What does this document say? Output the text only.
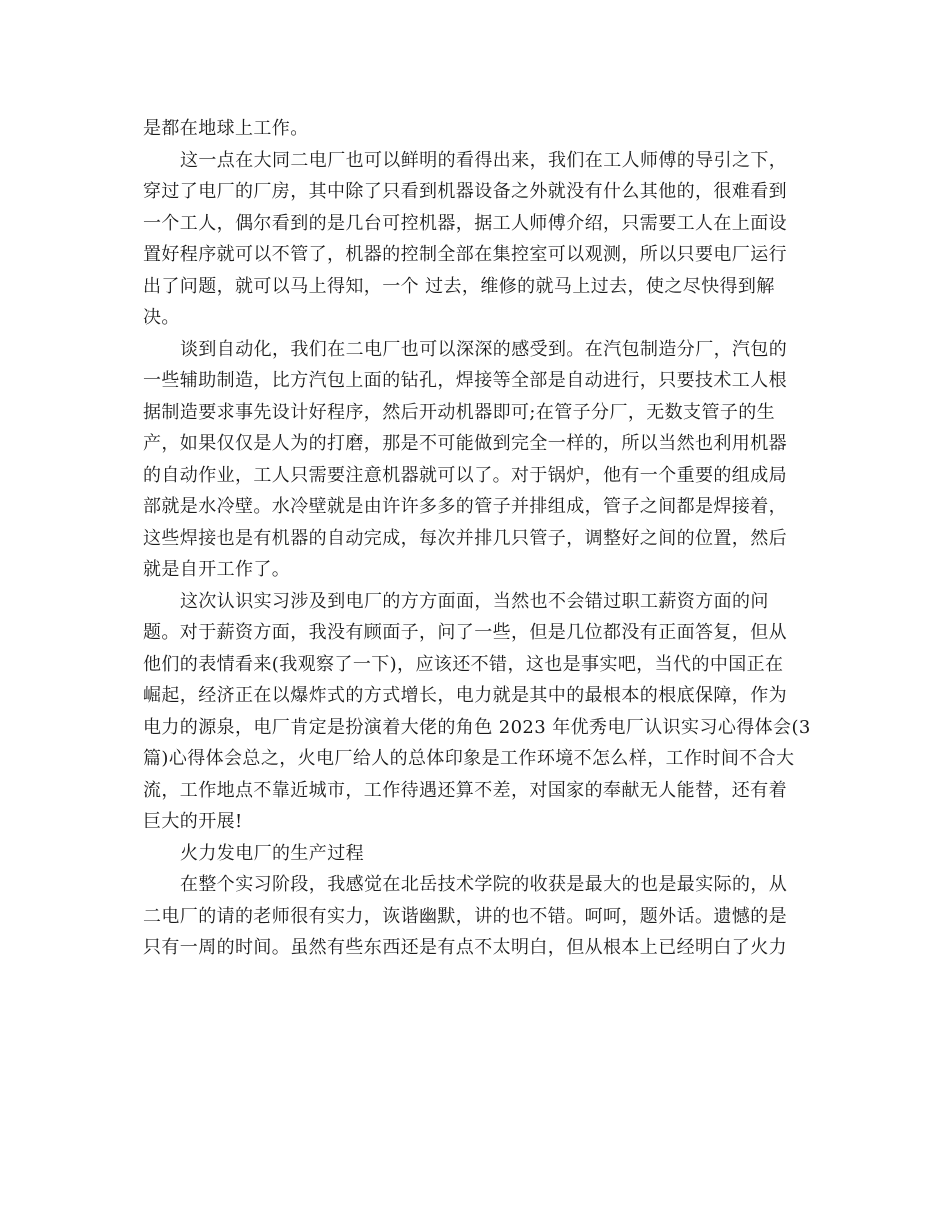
是都在地球上工作。
这一点在大同二电厂也可以鲜明的看得出来，我们在工人师傅的导引之下，
穿过了电厂的厂房，其中除了只看到机器设备之外就没有什么其他的，很难看到
一个工人，偶尔看到的是几台可控机器，据工人师傅介绍，只需要工人在上面设
置好程序就可以不管了，机器的控制全部在集控室可以观测，所以只要电厂运行
出了问题，就可以马上得知，一个 过去，维修的就马上过去，使之尽快得到解
决。
谈到自动化，我们在二电厂也可以深深的感受到。在汽包制造分厂，汽包的
一些辅助制造，比方汽包上面的钻孔，焊接等全部是自动进行，只要技术工人根
据制造要求事先设计好程序，然后开动机器即可;在管子分厂，无数支管子的生
产，如果仅仅是人为的打磨，那是不可能做到完全一样的，所以当然也利用机器
的自动作业，工人只需要注意机器就可以了。对于锅炉，他有一个重要的组成局
部就是水冷壁。水冷壁就是由许许多多的管子并排组成，管子之间都是焊接着，
这些焊接也是有机器的自动完成，每次并排几只管子，调整好之间的位置，然后
就是自开工作了。
这次认识实习涉及到电厂的方方面面，当然也不会错过职工薪资方面的问
题。对于薪资方面，我没有顾面子，问了一些，但是几位都没有正面答复，但从
他们的表情看来(我观察了一下)，应该还不错，这也是事实吧，当代的中国正在
崛起，经济正在以爆炸式的方式增长，电力就是其中的最根本的根底保障，作为
电力的源泉，电厂肯定是扮演着大佬的角色 2023 年优秀电厂认识实习心得体会(3
篇)心得体会总之，火电厂给人的总体印象是工作环境不怎么样，工作时间不合大
流，工作地点不靠近城市，工作待遇还算不差，对国家的奉献无人能替，还有着
巨大的开展!
火力发电厂的生产过程
在整个实习阶段，我感觉在北岳技术学院的收获是最大的也是最实际的，从
二电厂的请的老师很有实力，诙谐幽默，讲的也不错。呵呵，题外话。遗憾的是
只有一周的时间。虽然有些东西还是有点不太明白，但从根本上已经明白了火力
